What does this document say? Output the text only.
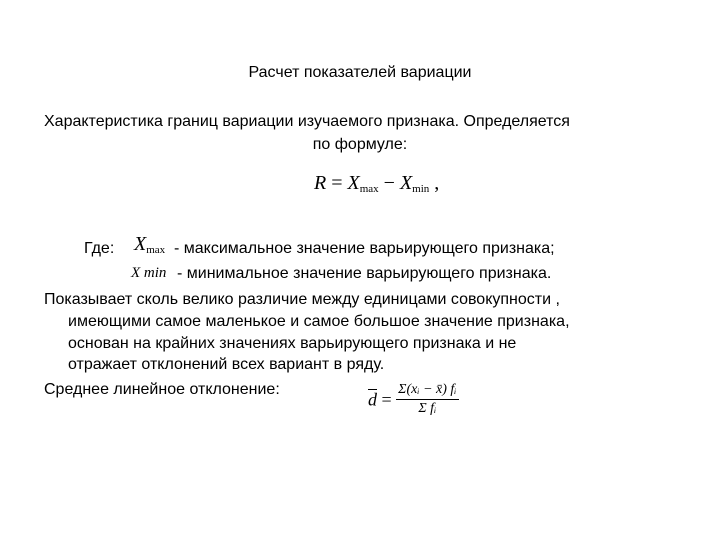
Расчет показателей вариации
Характеристика границ вариации изучаемого признака. Определяется
по формуле:
$R = X_{max} - X_{min}$ ,
Где: $X_{max}$ - максимальное значение варьирующего признака;
X min - минимальное значение варьирующего признака.
Показывает сколь велико различие между единицами совокупности ,
имеющими самое маленькое и самое большое значение признака,
основан на крайних значениях варьирующего признака и не
отражает отклонений всех вариант в ряду.
Среднее линейное отклонение:	$\overline{d} = \frac{\text{Σ(xᵢ − x̄) fᵢ}}{\text{Σ fᵢ}}$
